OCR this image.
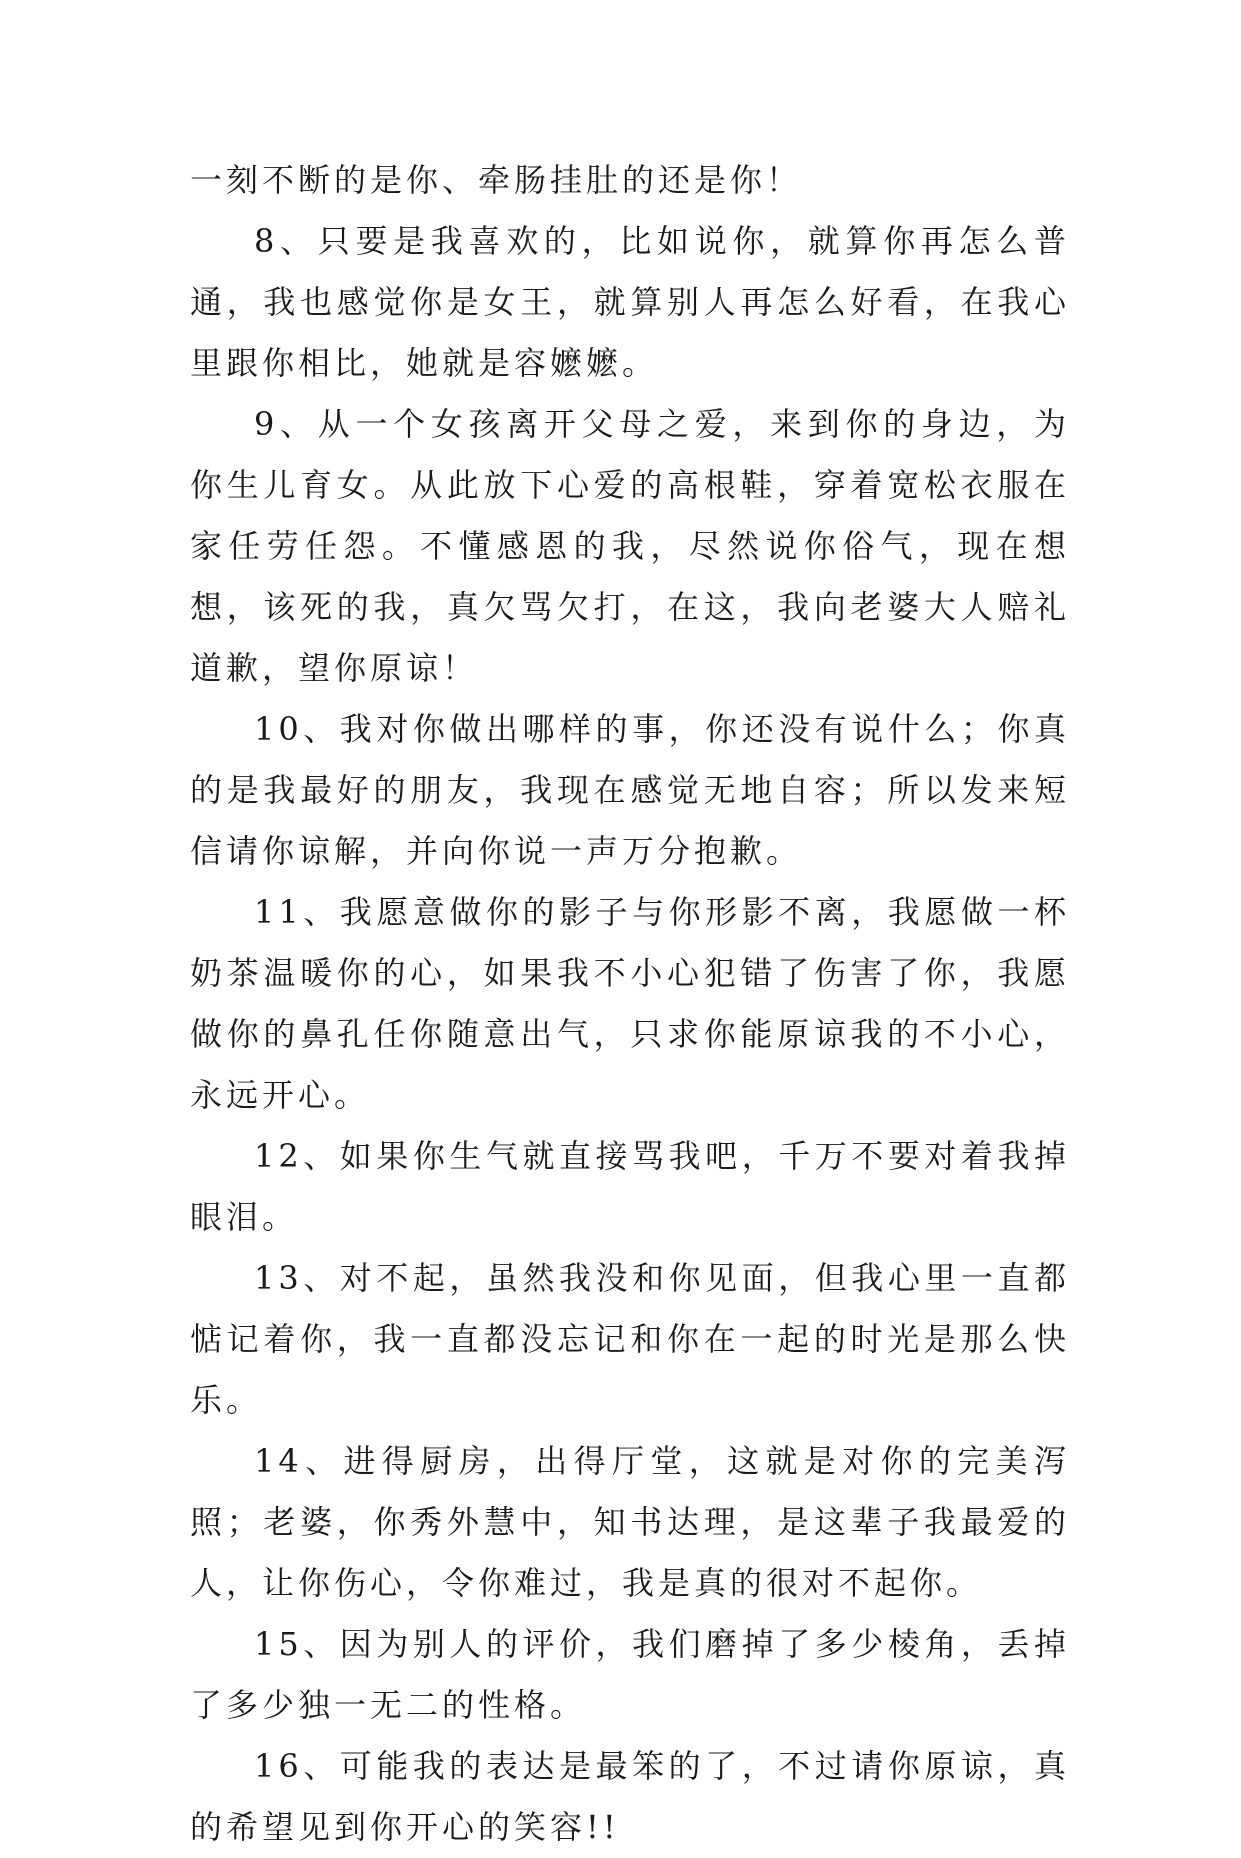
一刻不断的是你、牵肠挂肚的还是你！

8、只要是我喜欢的，比如说你，就算你再怎么普通，我也感觉你是女王，就算别人再怎么好看，在我心里跟你相比，她就是容嬷嬷。

9、从一个女孩离开父母之爱，来到你的身边，为你生儿育女。从此放下心爱的高根鞋，穿着宽松衣服在家任劳任怨。不懂感恩的我，尽然说你俗气，现在想想，该死的我，真欠骂欠打，在这，我向老婆大人赔礼道歉，望你原谅！

10、我对你做出哪样的事，你还没有说什么；你真的是我最好的朋友，我现在感觉无地自容；所以发来短信请你谅解，并向你说一声万分抱歉。

11、我愿意做你的影子与你形影不离，我愿做一杯奶茶温暖你的心，如果我不小心犯错了伤害了你，我愿做你的鼻孔任你随意出气，只求你能原谅我的不小心，永远开心。

12、如果你生气就直接骂我吧，千万不要对着我掉眼泪。

13、对不起，虽然我没和你见面，但我心里一直都惦记着你，我一直都没忘记和你在一起的时光是那么快乐。

14、进得厨房，出得厅堂，这就是对你的完美泻照；老婆，你秀外慧中，知书达理，是这辈子我最爱的人，让你伤心，令你难过，我是真的很对不起你。

15、因为别人的评价，我们磨掉了多少棱角，丢掉了多少独一无二的性格。

16、可能我的表达是最笨的了，不过请你原谅，真的希望见到你开心的笑容!!
